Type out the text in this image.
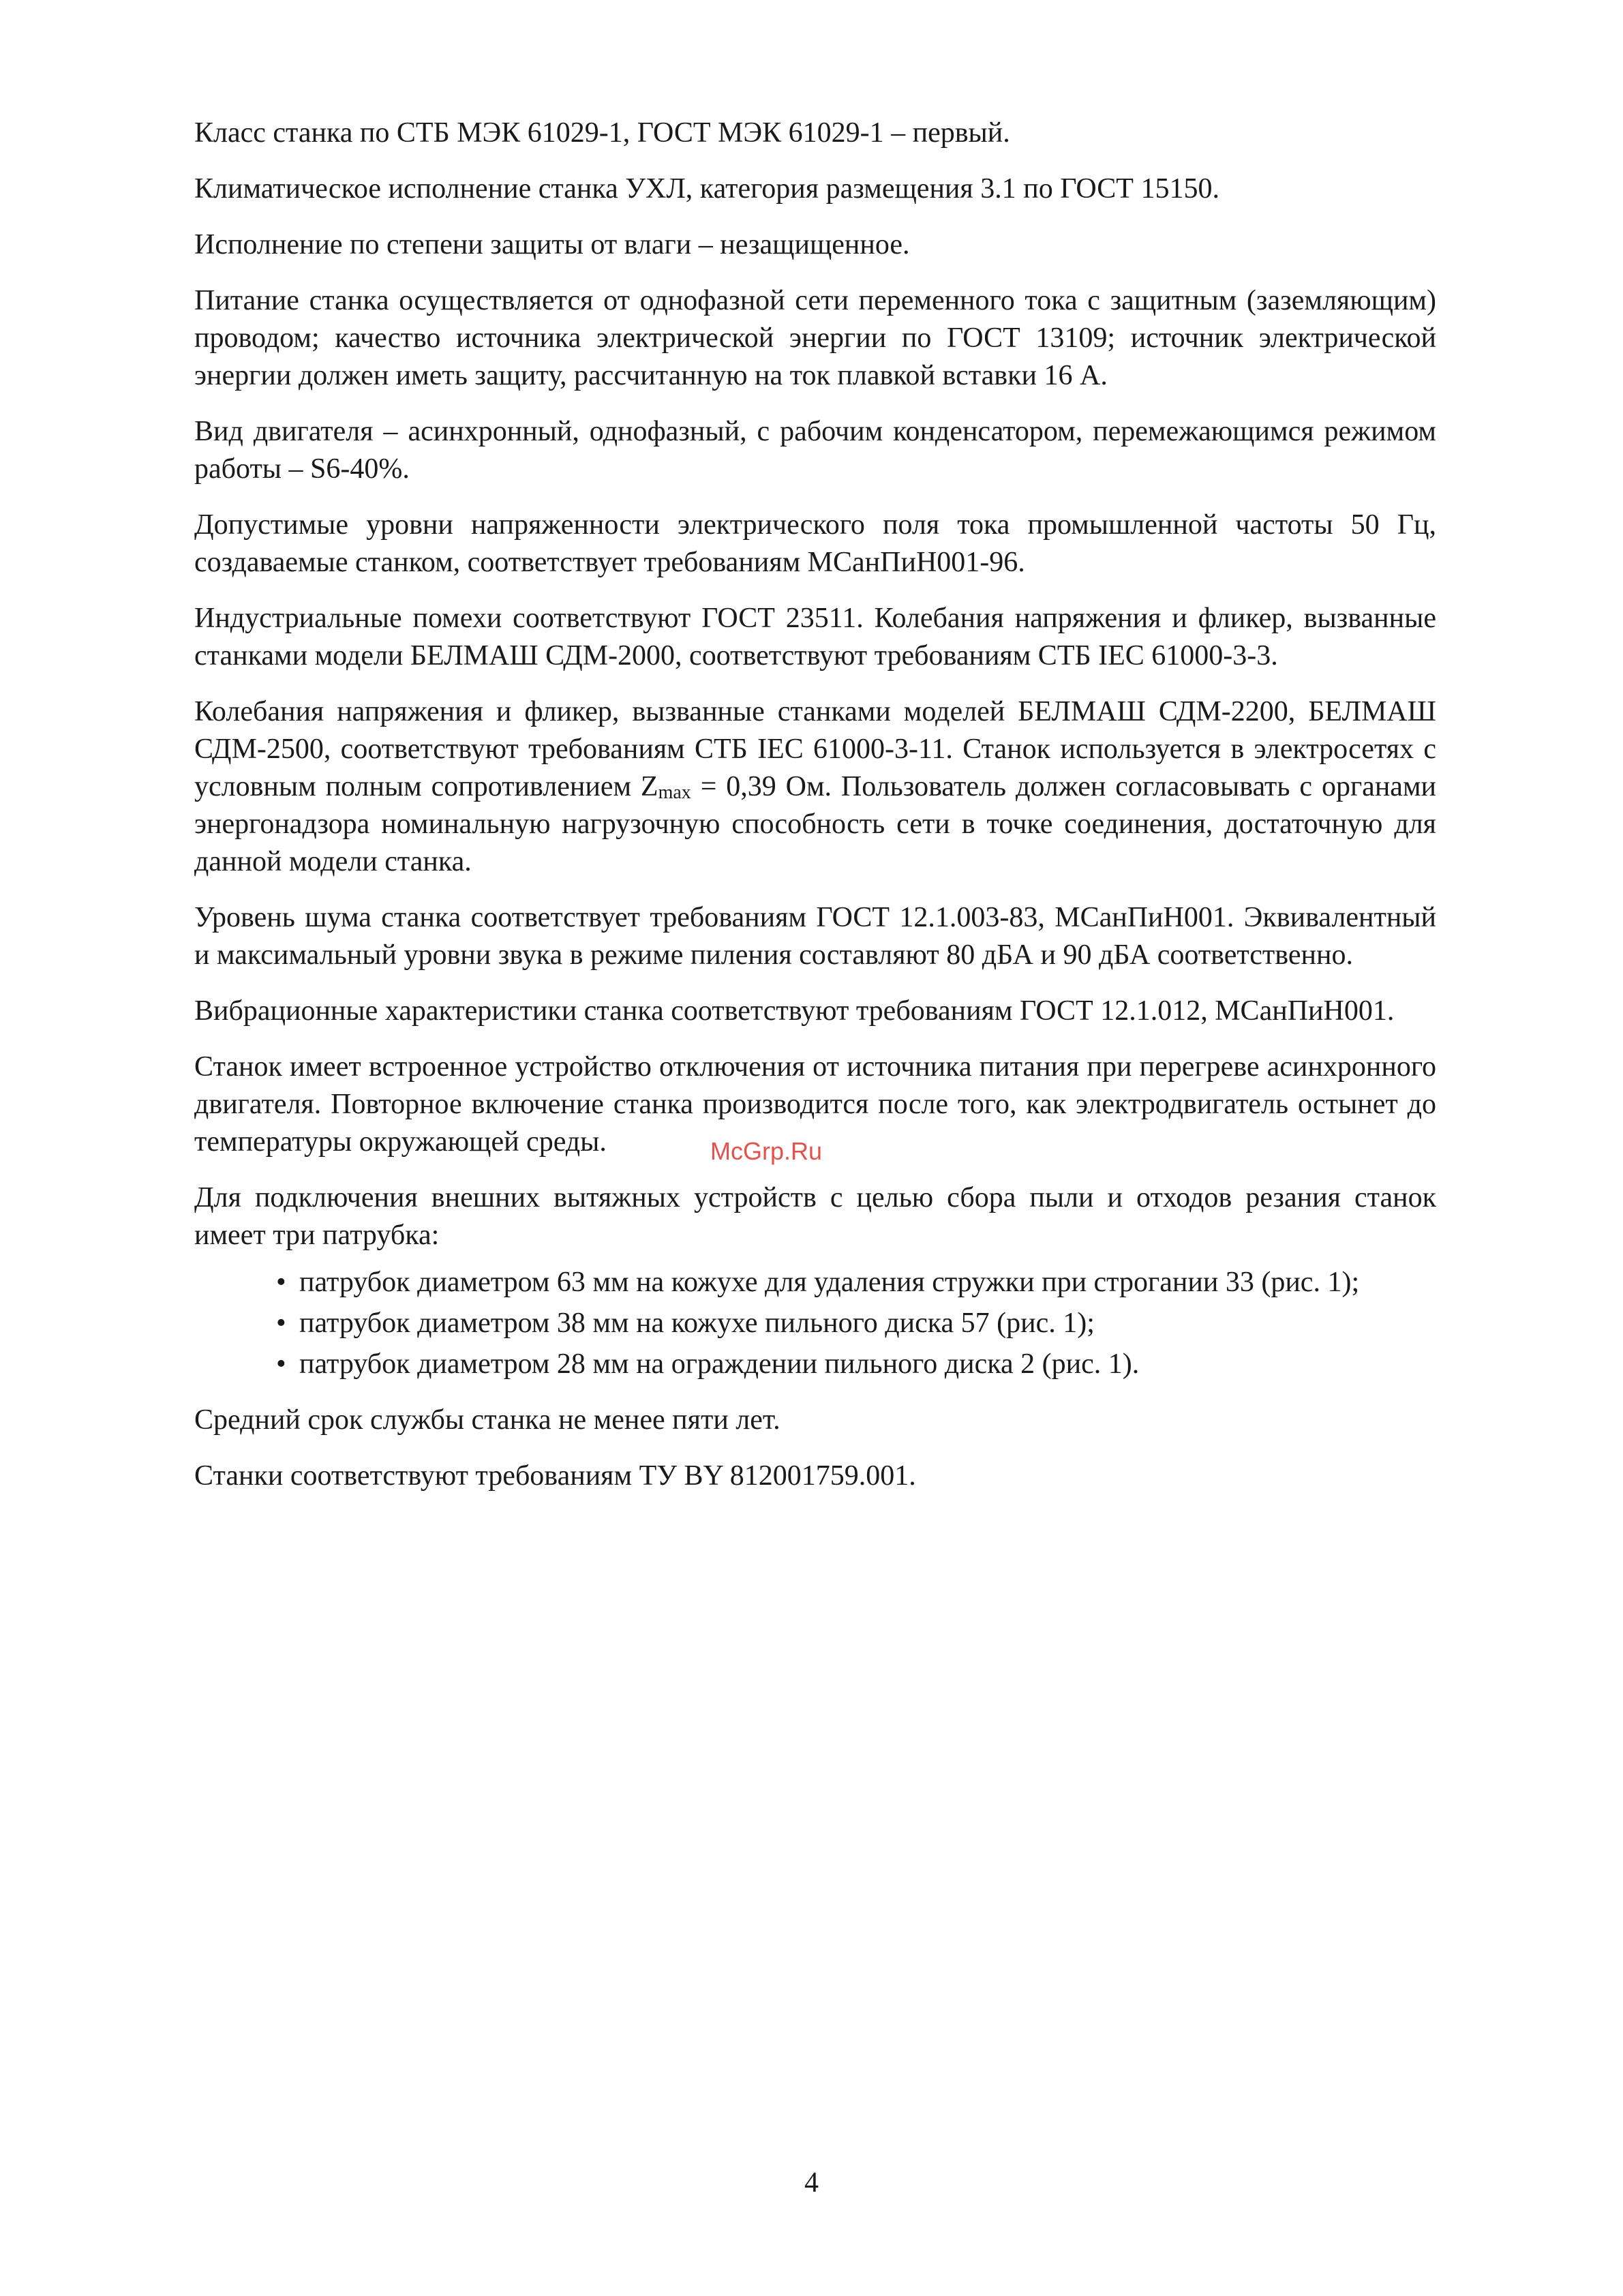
Класс станка по СТБ МЭК 61029-1, ГОСТ МЭК 61029-1 – первый.

Климатическое исполнение станка УХЛ, категория размещения 3.1 по ГОСТ 15150.

Исполнение по степени защиты от влаги – незащищенное.

Питание станка осуществляется от однофазной сети переменного тока с защитным (заземляющим) проводом; качество источника электрической энергии по ГОСТ 13109; источник электрической энергии должен иметь защиту, рассчитанную на ток плавкой вставки 16 А.

Вид двигателя – асинхронный, однофазный, с рабочим конденсатором, перемежающимся режимом работы – S6-40%.

Допустимые уровни напряженности электрического поля тока промышленной частоты 50 Гц, создаваемые станком, соответствует требованиям МСанПиН001-96.

Индустриальные помехи соответствуют ГОСТ 23511. Колебания напряжения и фликер, вызванные станками модели БЕЛМАШ СДМ-2000, соответствуют требованиям СТБ IEC 61000-3-3.

Колебания напряжения и фликер, вызванные станками моделей БЕЛМАШ СДМ-2200, БЕЛМАШ СДМ-2500, соответствуют требованиям СТБ IEC 61000-3-11. Станок используется в электросетях с условным полным сопротивлением Zmax = 0,39 Ом. Пользователь должен согласовывать с органами энергонадзора номинальную нагрузочную способность сети в точке соединения, достаточную для данной модели станка.

Уровень шума станка соответствует требованиям ГОСТ 12.1.003-83, МСанПиН001. Эквивалентный и максимальный уровни звука в режиме пиления составляют 80 дБА и 90 дБА соответственно.

Вибрационные характеристики станка соответствуют требованиям ГОСТ 12.1.012, МСанПиН001.

Станок имеет встроенное устройство отключения от источника питания при перегреве асинхронного двигателя. Повторное включение станка производится после того, как электродвигатель остынет до температуры окружающей среды.

Для подключения внешних вытяжных устройств с целью сбора пыли и отходов резания станок имеет три патрубка:

• патрубок диаметром 63 мм на кожухе для удаления стружки при строгании 33 (рис. 1);
• патрубок диаметром 38 мм на кожухе пильного диска 57 (рис. 1);
• патрубок диаметром 28 мм на ограждении пильного диска 2 (рис. 1).

Средний срок службы станка не менее пяти лет.

Станки соответствуют требованиям ТУ BY 812001759.001.

McGrp.Ru
4
